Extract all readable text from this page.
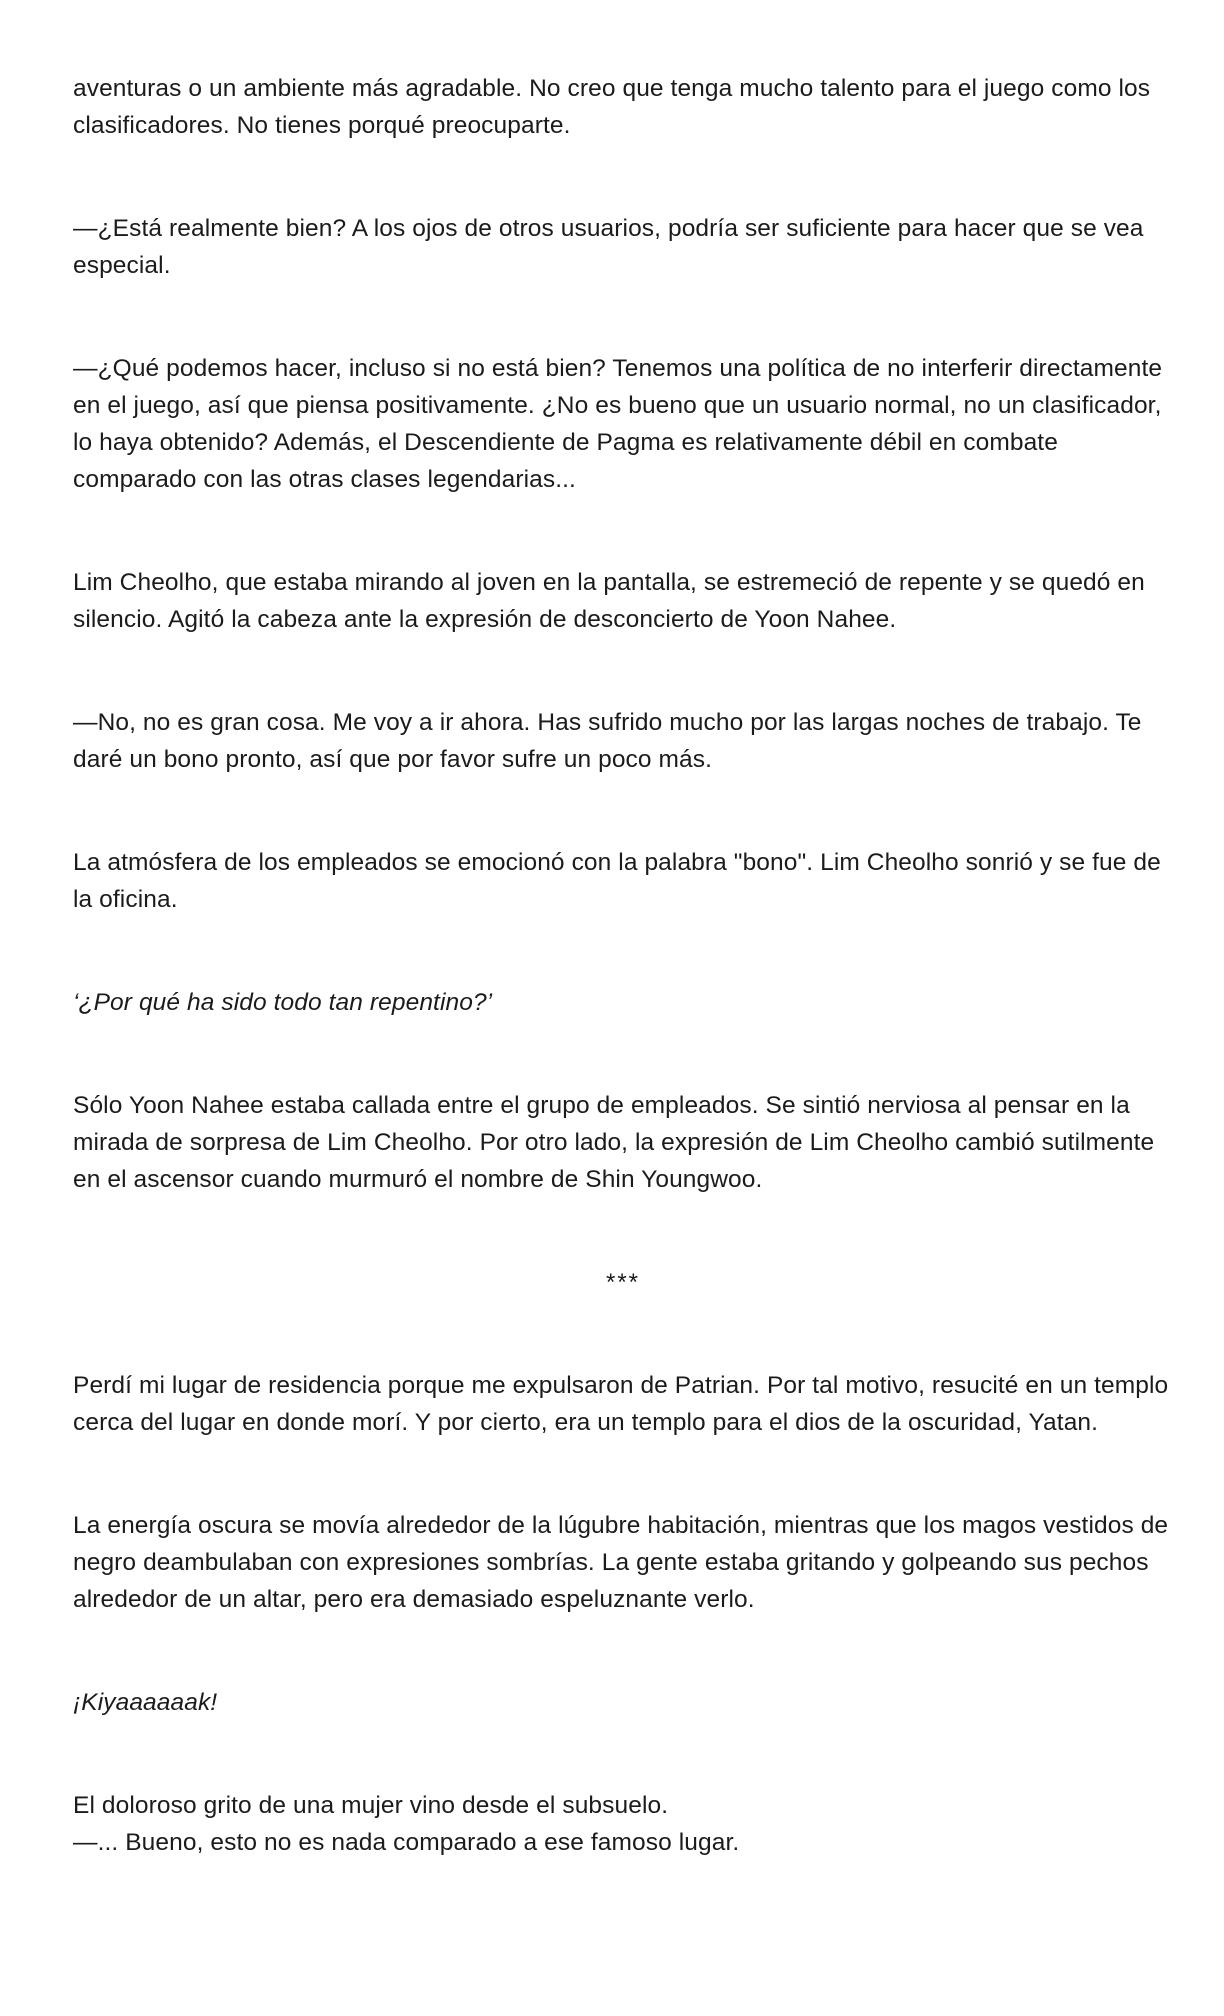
aventuras o un ambiente más agradable. No creo que tenga mucho talento para el juego como los clasificadores. No tienes porqué preocuparte.

—¿Está realmente bien? A los ojos de otros usuarios, podría ser suficiente para hacer que se vea especial.

—¿Qué podemos hacer, incluso si no está bien? Tenemos una política de no interferir directamente en el juego, así que piensa positivamente. ¿No es bueno que un usuario normal, no un clasificador, lo haya obtenido? Además, el Descendiente de Pagma es relativamente débil en combate comparado con las otras clases legendarias...

Lim Cheolho, que estaba mirando al joven en la pantalla, se estremeció de repente y se quedó en silencio. Agitó la cabeza ante la expresión de desconcierto de Yoon Nahee.

—No, no es gran cosa. Me voy a ir ahora. Has sufrido mucho por las largas noches de trabajo. Te daré un bono pronto, así que por favor sufre un poco más.

La atmósfera de los empleados se emocionó con la palabra "bono". Lim Cheolho sonrió y se fue de la oficina.

‘¿Por qué ha sido todo tan repentino?’

Sólo Yoon Nahee estaba callada entre el grupo de empleados. Se sintió nerviosa al pensar en la mirada de sorpresa de Lim Cheolho. Por otro lado, la expresión de Lim Cheolho cambió sutilmente en el ascensor cuando murmuró el nombre de Shin Youngwoo.

***

Perdí mi lugar de residencia porque me expulsaron de Patrian. Por tal motivo, resucité en un templo cerca del lugar en donde morí. Y por cierto, era un templo para el dios de la oscuridad, Yatan.

La energía oscura se movía alrededor de la lúgubre habitación, mientras que los magos vestidos de negro deambulaban con expresiones sombrías. La gente estaba gritando y golpeando sus pechos alrededor de un altar, pero era demasiado espeluznante verlo.

¡Kiyaaaaaak!

El doloroso grito de una mujer vino desde el subsuelo.

—... Bueno, esto no es nada comparado a ese famoso lugar.
